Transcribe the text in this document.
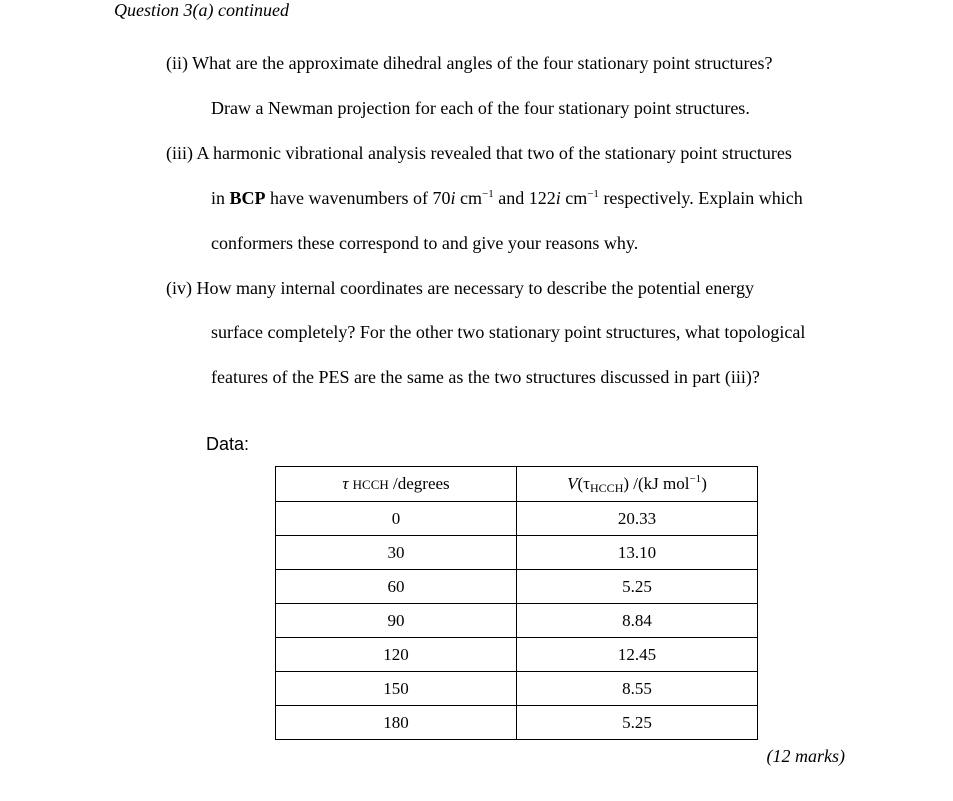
Question 3(a) continued
(ii) What are the approximate dihedral angles of the four stationary point structures?
Draw a Newman projection for each of the four stationary point structures.
(iii) A harmonic vibrational analysis revealed that two of the stationary point structures
in BCP have wavenumbers of 70i $cm^{-1}$ and 122i $cm^{-1}$ respectively. Explain which
conformers these correspond to and give your reasons why.
(iv) How many internal coordinates are necessary to describe the potential energy
surface completely? For the other two stationary point structures, what topological
features of the PES are the same as the two structures discussed in part (iii)?
Data:
τ HCCH /degrees	$V(\tau_{HCCH})$ /(kJ mol$^{-1}$)
0	20.33
30	13.10
60	5.25
90	8.84
120	12.45
150	8.55
180	5.25
(12 marks)
